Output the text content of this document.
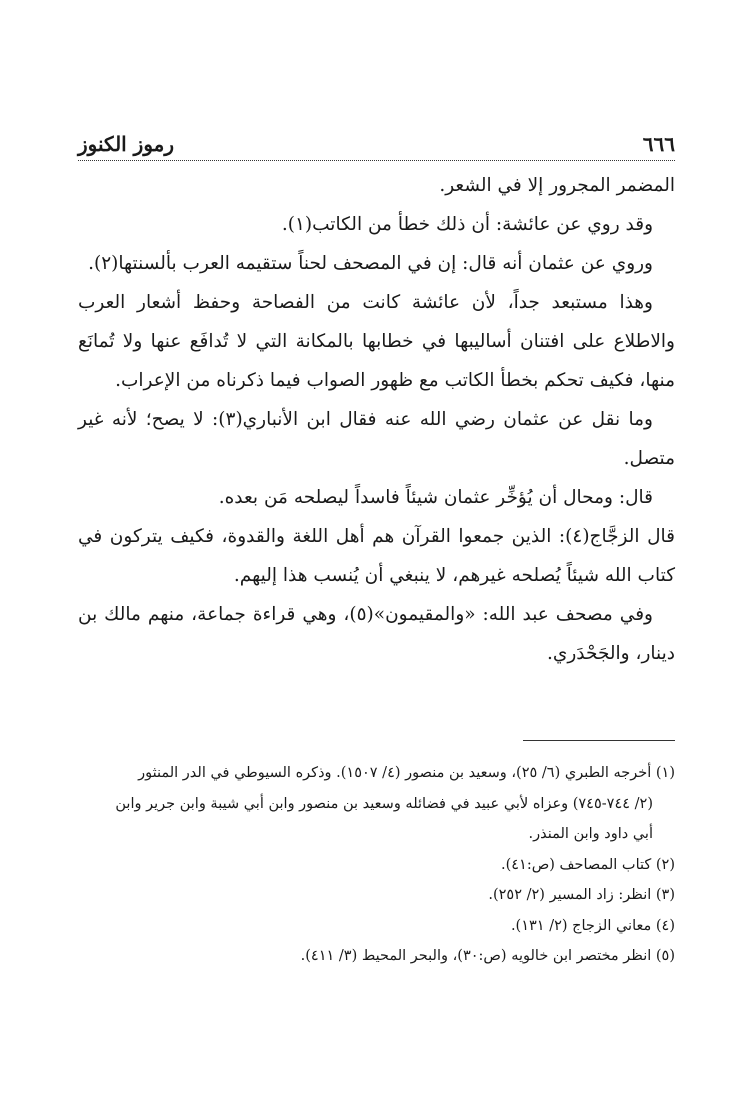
٦٦٦
رموز الكنوز

المضمر المجرور إلا في الشعر.

وقد روي عن عائشة: أن ذلك خطأ من الكاتب(١).

وروي عن عثمان أنه قال: إن في المصحف لحناً ستقيمه العرب بألسنتها(٢).

وهذا مستبعد جداً، لأن عائشة كانت من الفصاحة وحفظ أشعار العرب والاطلاع على افتنان أساليبها في خطابها بالمكانة التي لا تُدافَع عنها ولا تُمانَع منها، فكيف تحكم بخطأ الكاتب مع ظهور الصواب فيما ذكرناه من الإعراب.

وما نقل عن عثمان رضي الله عنه فقال ابن الأنباري(٣): لا يصح؛ لأنه غير متصل.

قال: ومحال أن يُؤخِّر عثمان شيئاً فاسداً ليصلحه مَن بعده.

قال الزجَّاج(٤): الذين جمعوا القرآن هم أهل اللغة والقدوة، فكيف يتركون في كتاب الله شيئاً يُصلحه غيرهم، لا ينبغي أن يُنسب هذا إليهم.

وفي مصحف عبد الله: «والمقيمون»(٥)، وهي قراءة جماعة، منهم مالك بن دينار، والجَحْدَري.

(١) أخرجه الطبري (٦/ ٢٥)، وسعيد بن منصور (٤/ ١٥٠٧). وذكره السيوطي في الدر المنثور

(٢/ ٧٤٤-٧٤٥) وعزاه لأبي عبيد في فضائله وسعيد بن منصور وابن أبي شيبة وابن جرير وابن

أبي داود وابن المنذر.

(٢) كتاب المصاحف (ص:٤١).

(٣) انظر: زاد المسير (٢/ ٢٥٢).

(٤) معاني الزجاج (٢/ ١٣١).

(٥) انظر مختصر ابن خالويه (ص:٣٠)، والبحر المحيط (٣/ ٤١١).
